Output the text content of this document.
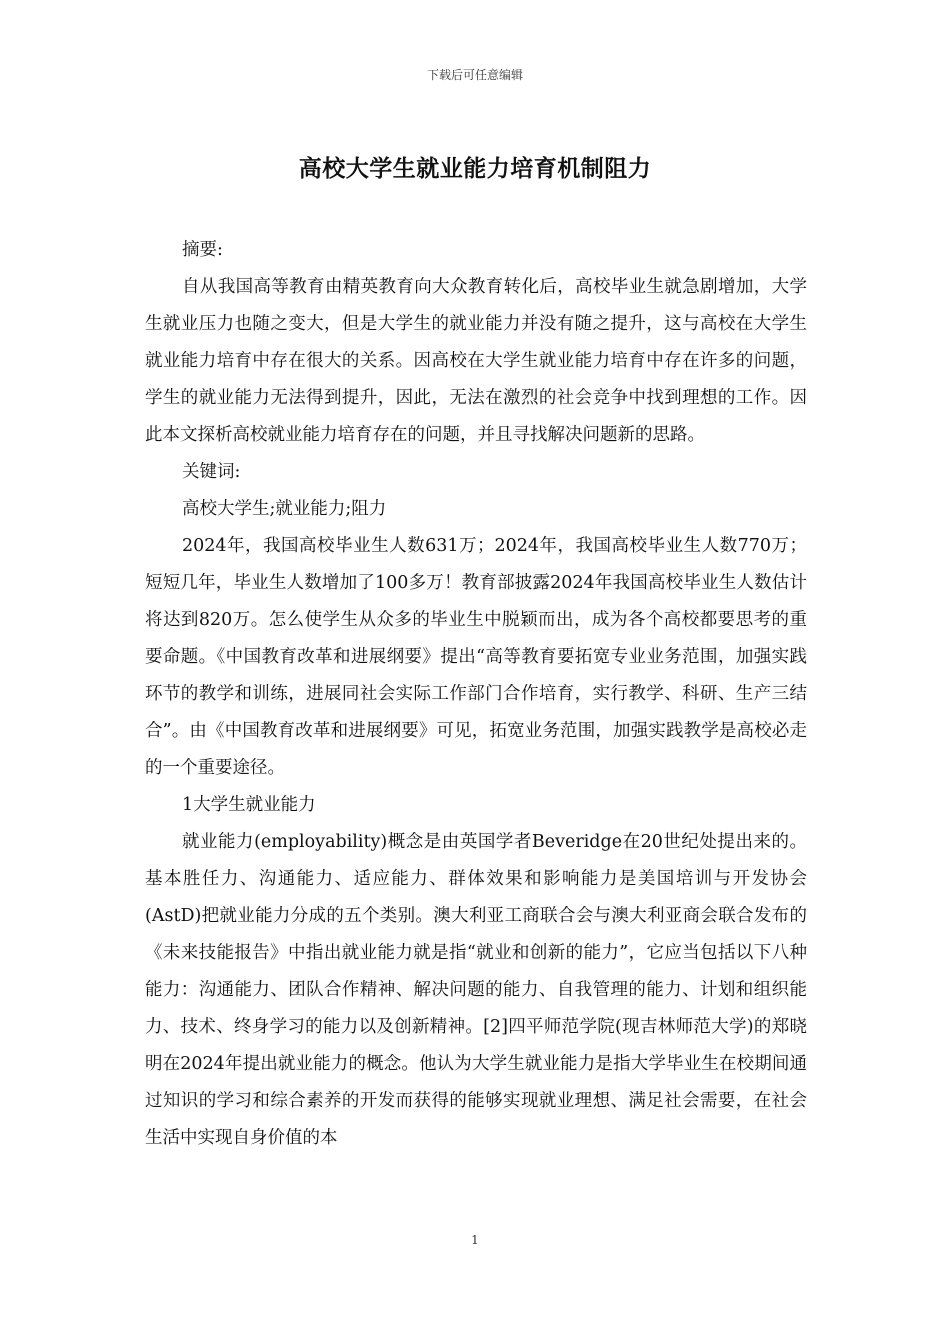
下载后可任意编辑
高校大学生就业能力培育机制阻力

摘要:

自从我国高等教育由精英教育向大众教育转化后，高校毕业生就急剧增加，大学生就业压力也随之变大，但是大学生的就业能力并没有随之提升，这与高校在大学生就业能力培育中存在很大的关系。因高校在大学生就业能力培育中存在许多的问题，学生的就业能力无法得到提升，因此，无法在激烈的社会竞争中找到理想的工作。因此本文探析高校就业能力培育存在的问题，并且寻找解决问题新的思路。

关键词:

高校大学生;就业能力;阻力

2024年，我国高校毕业生人数631万；2024年，我国高校毕业生人数770万；短短几年，毕业生人数增加了100多万！教育部披露2024年我国高校毕业生人数估计将达到820万。怎么使学生从众多的毕业生中脱颖而出，成为各个高校都要思考的重要命题。《中国教育改革和进展纲要》提出“高等教育要拓宽专业业务范围，加强实践环节的教学和训练，进展同社会实际工作部门合作培育，实行教学、科研、生产三结合”。由《中国教育改革和进展纲要》可见，拓宽业务范围，加强实践教学是高校必走的一个重要途径。

1大学生就业能力

就业能力(employability)概念是由英国学者Beveridge在20世纪处提出来的。基本胜任力、沟通能力、适应能力、群体效果和影响能力是美国培训与开发协会(AstD)把就业能力分成的五个类别。澳大利亚工商联合会与澳大利亚商会联合发布的《未来技能报告》中指出就业能力就是指“就业和创新的能力”，它应当包括以下八种能力：沟通能力、团队合作精神、解决问题的能力、自我管理的能力、计划和组织能力、技术、终身学习的能力以及创新精神。[2]四平师范学院(现吉林师范大学)的郑晓明在2024年提出就业能力的概念。他认为大学生就业能力是指大学毕业生在校期间通过知识的学习和综合素养的开发而获得的能够实现就业理想、满足社会需要，在社会生活中实现自身价值的本

1
